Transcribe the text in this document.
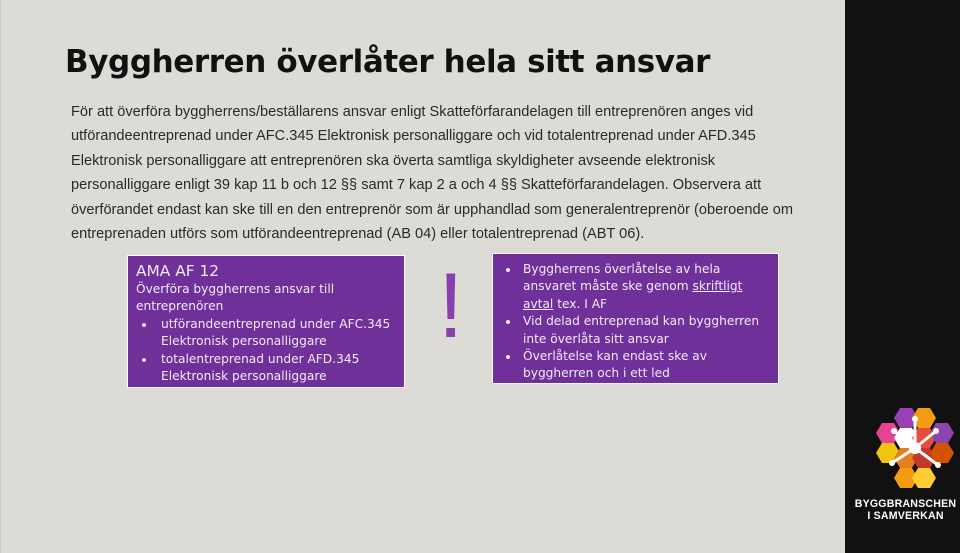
Byggherren överlåter hela sitt ansvar

För att överföra byggherrens/beställarens ansvar enligt Skatteförfarandelagen till entreprenören anges vid utförandeentreprenad under AFC.345 Elektronisk personalliggare och vid totalentreprenad under AFD.345 Elektronisk personalliggare att entreprenören ska överta samtliga skyldigheter avseende elektronisk personalliggare enligt 39 kap 11 b och 12 §§ samt 7 kap 2 a och 4 §§ Skatteförfarandelagen. Observera att överförandet endast kan ske till en den entreprenör som är upphandlad som generalentreprenör (oberoende om entreprenaden utförs som utförandeentreprenad (AB 04) eller totalentreprenad (ABT 06).

AMA AF 12
Överföra byggherrens ansvar till entreprenören
utförandeentreprenad under AFC.345 Elektronisk personalliggare
totalentreprenad under AFD.345 Elektronisk personalliggare
!	Byggherrens överlåtelse av hela ansvaret måste ske genom skriftligt avtal tex. I AF
Vid delad entreprenad kan byggherren inte överlåta sitt ansvar
Överlåtelse kan endast ske av byggherren och i ett led
BYGGBRANSCHEN
I SAMVERKAN
